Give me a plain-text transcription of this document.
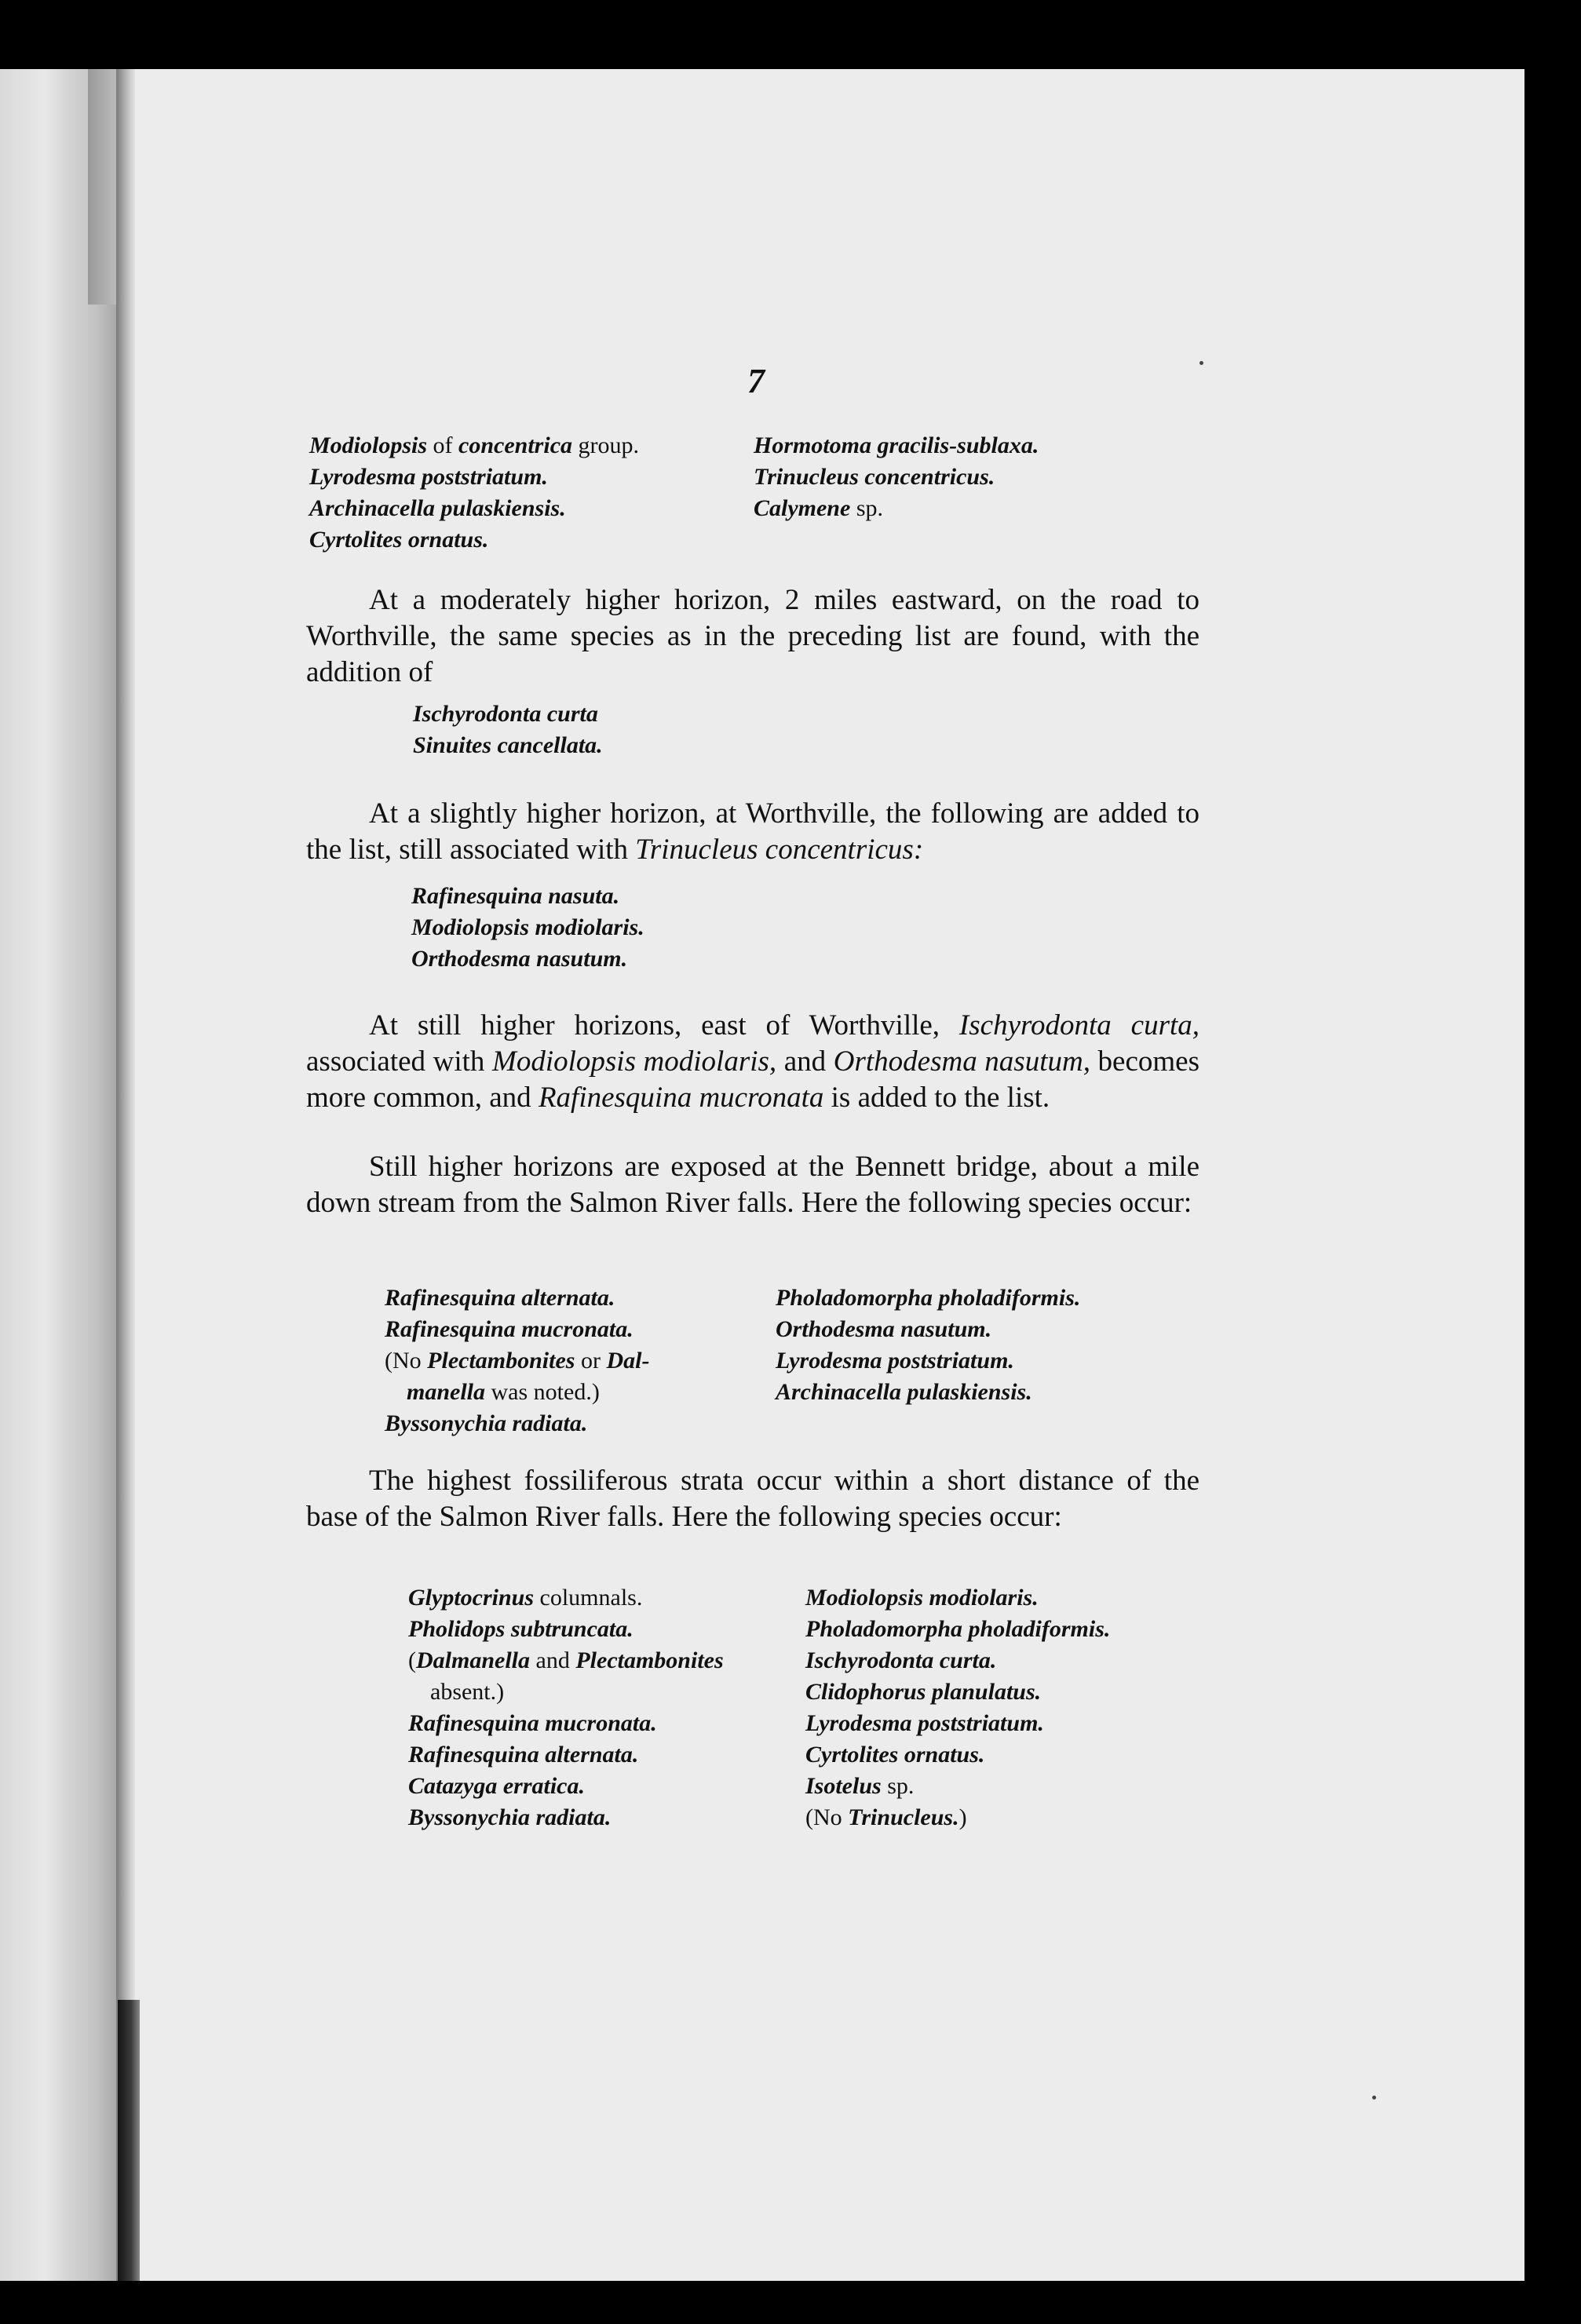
7
Modiolopsis of concentrica group.
Lyrodesma poststriatum.
Archinacella pulaskiensis.
Cyrtolites ornatus.
Hormotoma gracilis-sublaxa.
Trinucleus concentricus.
Calymene sp.

At a moderately higher horizon, 2 miles eastward, on the road to Worthville, the same species as in the preceding list are found, with the addition of

Ischyrodonta curta
Sinuites cancellata.

At a slightly higher horizon, at Worthville, the following are added to the list, still associated with Trinucleus concentricus:

Rafinesquina nasuta.
Modiolopsis modiolaris.
Orthodesma nasutum.

At still higher horizons, east of Worthville, Ischyrodonta curta, associated with Modiolopsis modiolaris, and Orthodesma nasutum, becomes more common, and Rafinesquina mucronata is added to the list.

Still higher horizons are exposed at the Bennett bridge, about a mile down stream from the Salmon River falls. Here the following species occur:

Rafinesquina alternata.
Rafinesquina mucronata.
(No Plectambonites or Dal-
manella was noted.)
Byssonychia radiata.
Pholadomorpha pholadiformis.
Orthodesma nasutum.
Lyrodesma poststriatum.
Archinacella pulaskiensis.

The highest fossiliferous strata occur within a short distance of the base of the Salmon River falls. Here the following species occur:

Glyptocrinus columnals.
Pholidops subtruncata.
(Dalmanella and Plectambonites
absent.)
Rafinesquina mucronata.
Rafinesquina alternata.
Catazyga erratica.
Byssonychia radiata.
Modiolopsis modiolaris.
Pholadomorpha pholadiformis.
Ischyrodonta curta.
Clidophorus planulatus.
Lyrodesma poststriatum.
Cyrtolites ornatus.
Isotelus sp.
(No Trinucleus.)
